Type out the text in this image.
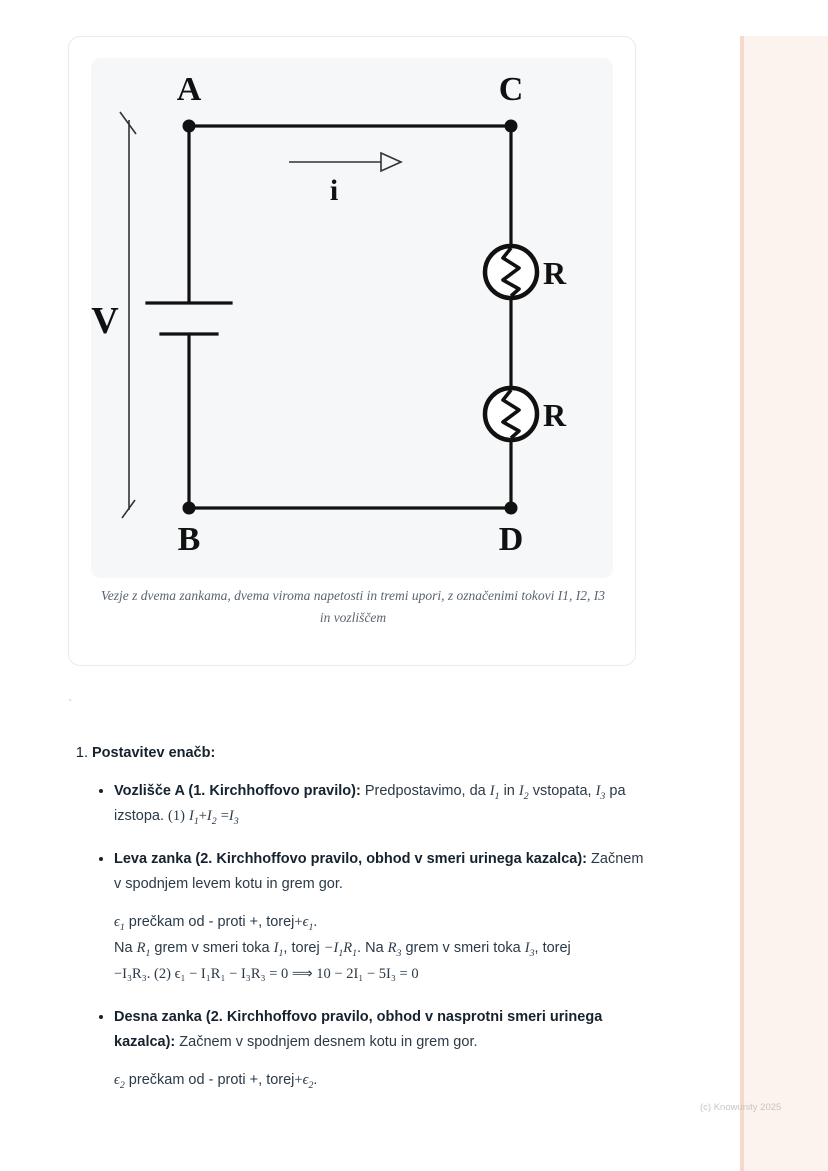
A	C
B	D
V
i
R
R
Vezje z dvema zankama, dvema viroma napetosti in tremi upori, z označenimi tokovi I1, I2, I3 in vozliščem
`
1. Postavitev enačb:
• Vozlišče A (1. Kirchhoffovo pravilo): Predpostavimo, da $I_1$ in $I_2$ vstopata, $I_3$ pa izstopa. (1) $I_1+I_2 =I_3$
• Leva zanka (2. Kirchhoffovo pravilo, obhod v smeri urinega kazalca): Začnem v spodnjem levem kotu in grem gor.
$\epsilon_1$ prečkam od - proti +, $torej+\epsilon_1$.
Na $R_1$ grem v smeri toka $I_1$, torej $-I_1R_1$. Na $R_3$ grem v smeri toka $I_3$, torej
−I₃R₃. (2) ϵ₁ − I₁R₁ − I₃R₃ = 0 ⟹ 10 − 2I₁ − 5I₃ = 0
• Desna zanka (2. Kirchhoffovo pravilo, obhod v nasprotni smeri urinega kazalca): Začnem v spodnjem desnem kotu in grem gor.
$\epsilon_2$ prečkam od - proti +, $torej+\epsilon_2$.
(c) Knowunity 2025
